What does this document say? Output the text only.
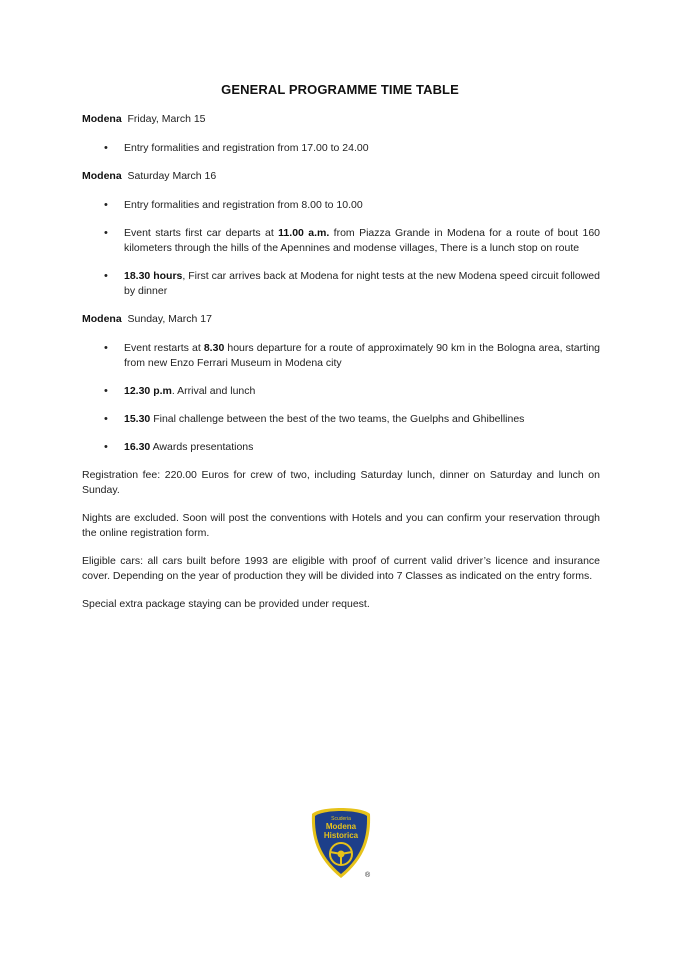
GENERAL PROGRAMME TIME TABLE
Modena Friday, March 15
• Entry formalities and registration from 17.00 to 24.00
Modena Saturday March 16
• Entry formalities and registration from 8.00 to 10.00
• Event starts first car departs at 11.00 a.m. from Piazza Grande in Modena for a route of bout 160 kilometers through the hills of the Apennines and modense villages, There is a lunch stop on route
• 18.30 hours, First car arrives back at Modena for night tests at the new Modena speed circuit followed by dinner
Modena Sunday, March 17
• Event restarts at 8.30 hours departure for a route of approximately 90 km in the Bologna area, starting from new Enzo Ferrari Museum in Modena city
• 12.30 p.m. Arrival and lunch
• 15.30 Final challenge between the best of the two teams, the Guelphs and Ghibellines
• 16.30 Awards presentations

Registration fee: 220.00 Euros for crew of two, including Saturday lunch, dinner on Saturday and lunch on Sunday.

Nights are excluded. Soon will post the conventions with Hotels and you can confirm your reservation through the online registration form.

Eligible cars: all cars built before 1993 are eligible with proof of current valid driver’s licence and insurance cover. Depending on the year of production they will be divided into 7 Classes as indicated on the entry forms.

Special extra package staying can be provided under request.

Scuderia
Modena
Historica
®
